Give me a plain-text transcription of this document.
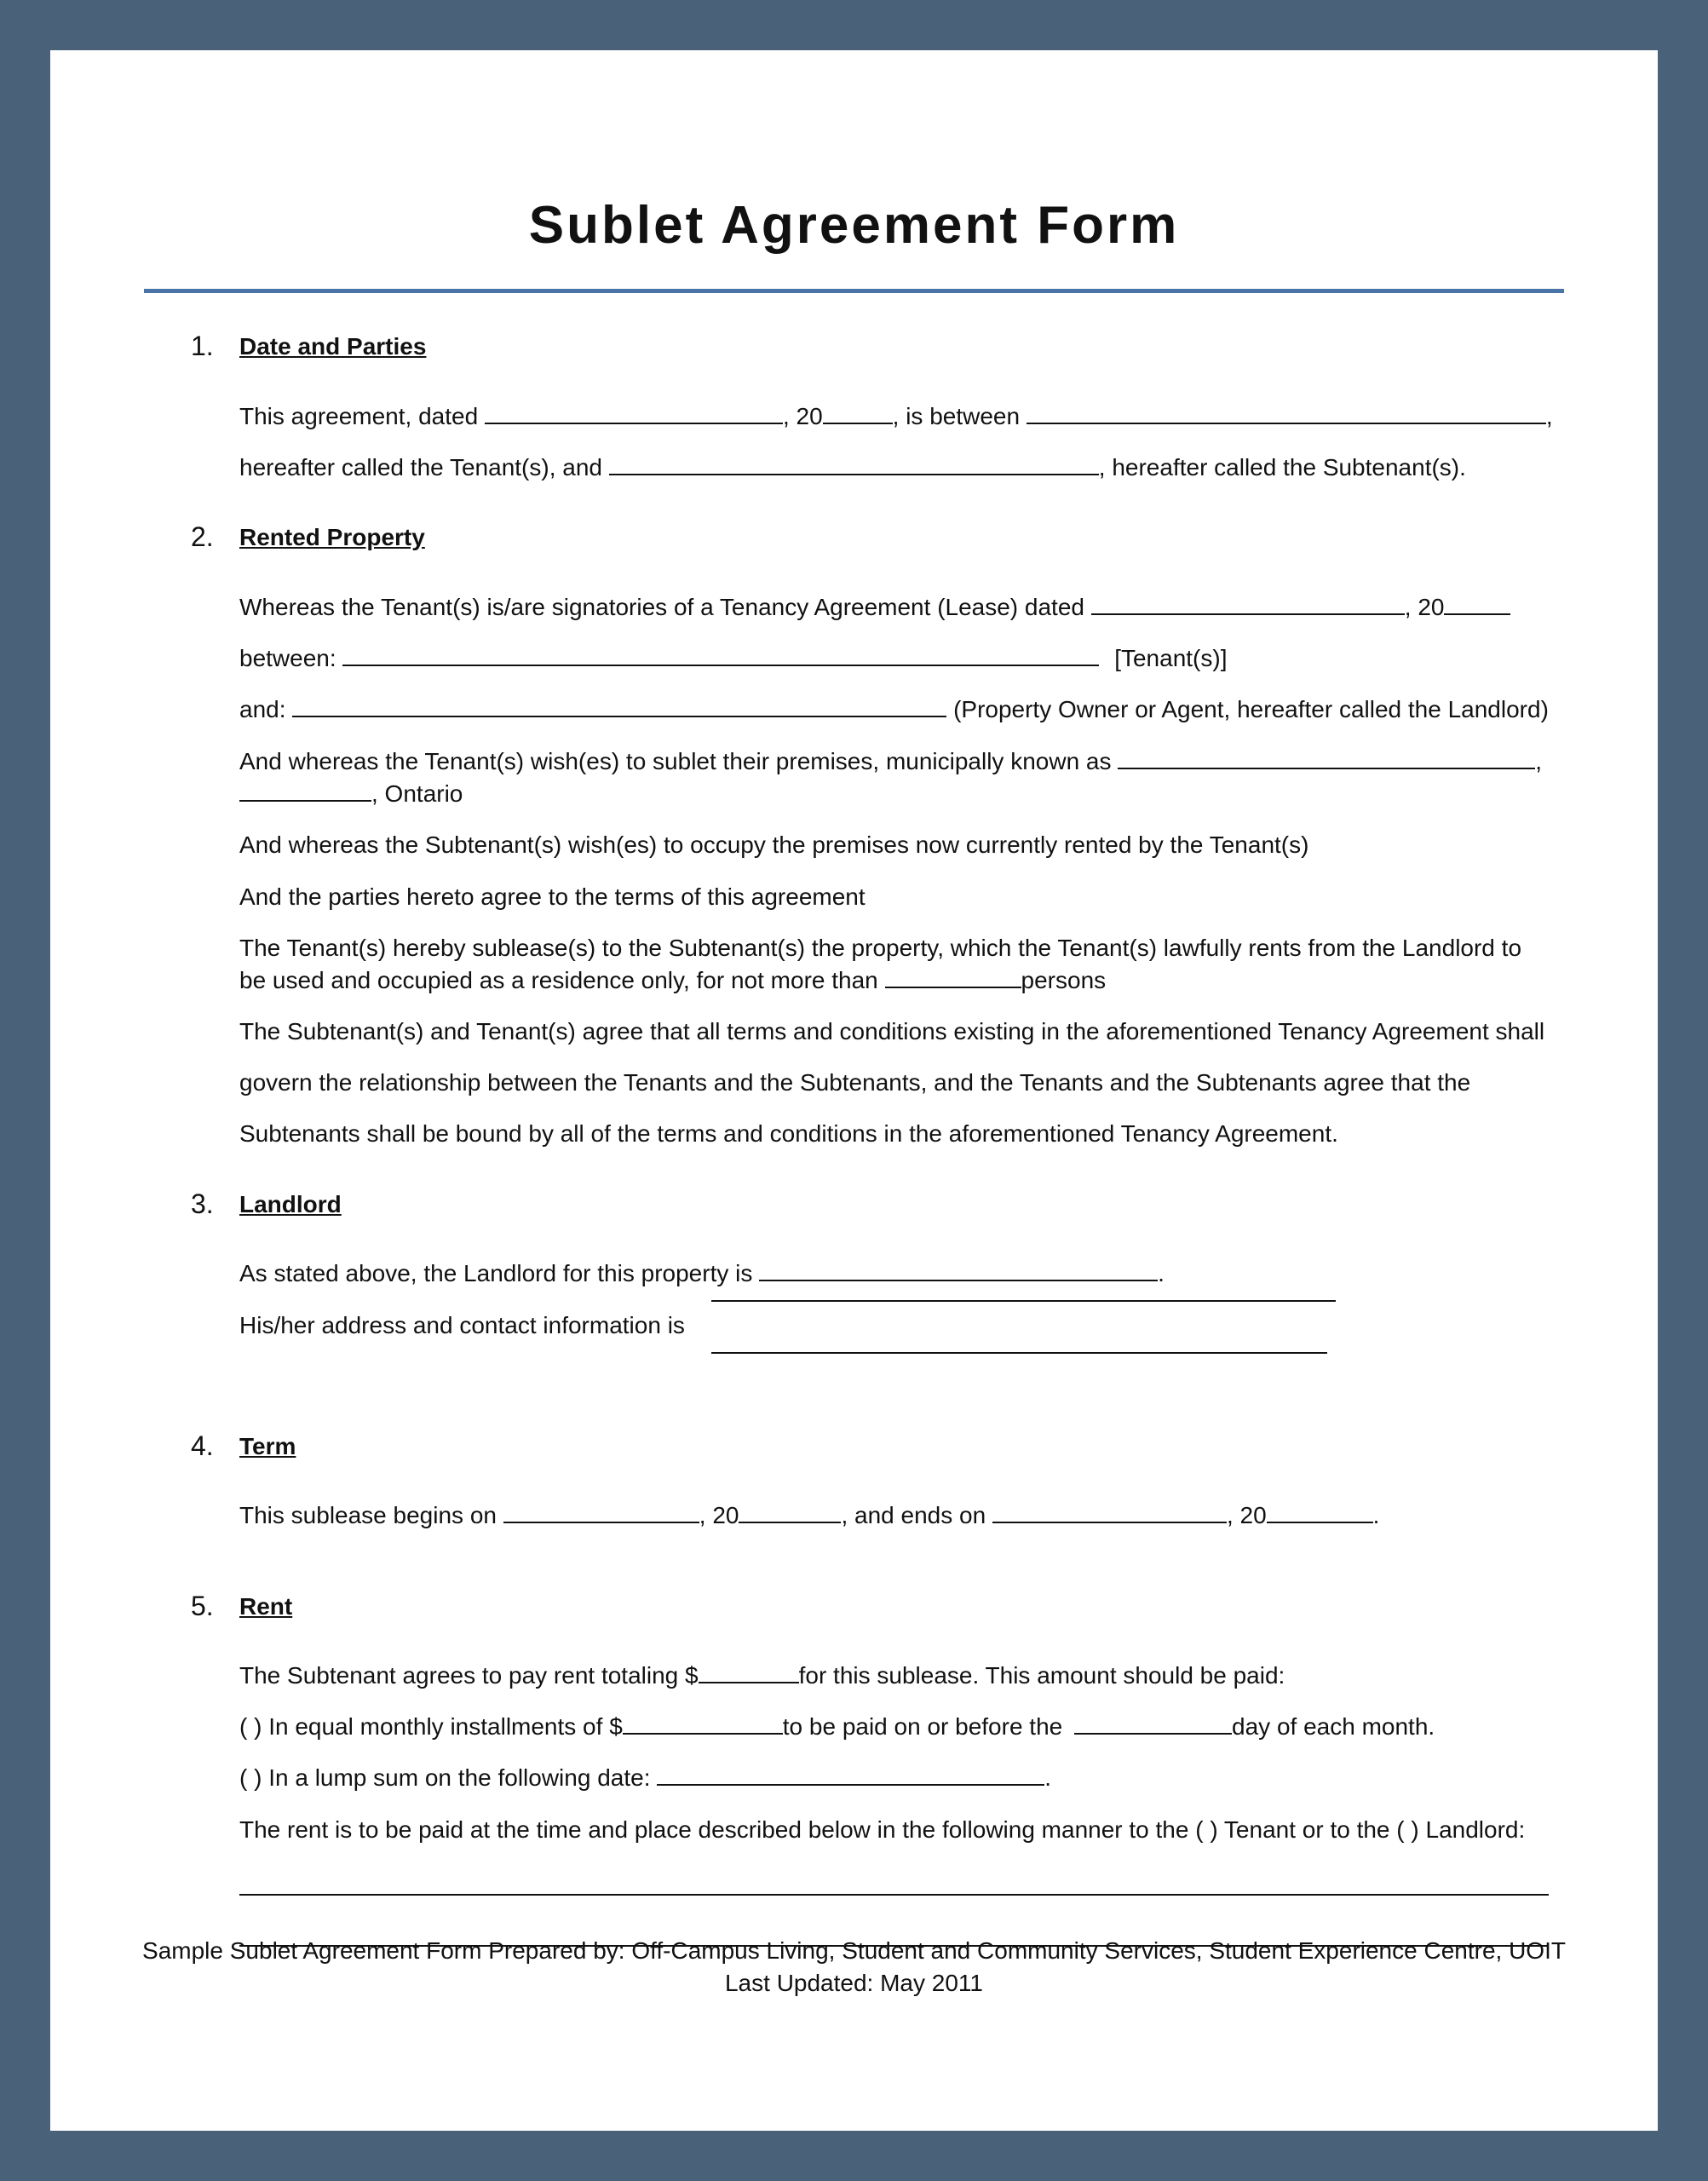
Sublet Agreement Form
1. Date and Parties
This agreement, dated	, 20	, is between	,
hereafter called the Tenant(s), and	, hereafter called the Subtenant(s).
2. Rented Property
Whereas the Tenant(s) is/are signatories of a Tenancy Agreement (Lease) dated	, 20
between:	[Tenant(s)]
and:	(Property Owner or Agent, hereafter called the Landlord)
And whereas the Tenant(s) wish(es) to sublet their premises, municipally known as	,
, Ontario
And whereas the Subtenant(s) wish(es) to occupy the premises now currently rented by the Tenant(s)
And the parties hereto agree to the terms of this agreement
The Tenant(s) hereby sublease(s) to the Subtenant(s) the property, which the Tenant(s) lawfully rents from the Landlord to
be used and occupied as a residence only, for not more than	persons
The Subtenant(s) and Tenant(s) agree that all terms and conditions existing in the aforementioned Tenancy Agreement shall
govern the relationship between the Tenants and the Subtenants, and the Tenants and the Subtenants agree that the
Subtenants shall be bound by all of the terms and conditions in the aforementioned Tenancy Agreement.
3. Landlord
As stated above, the Landlord for this property is	.
His/her address and contact information is
4. Term
This sublease begins on	, 20	, and ends on	, 20	.
5. Rent
The Subtenant agrees to pay rent totaling $	for this sublease. This amount should be paid:
( ) In equal monthly installments of $	to be paid on or before the	day of each month.
( ) In a lump sum on the following date:	.
The rent is to be paid at the time and place described below in the following manner to the ( ) Tenant or to the ( ) Landlord:
Sample Sublet Agreement Form Prepared by: Off-Campus Living, Student and Community Services, Student Experience Centre, UOIT
Last Updated: May 2011
